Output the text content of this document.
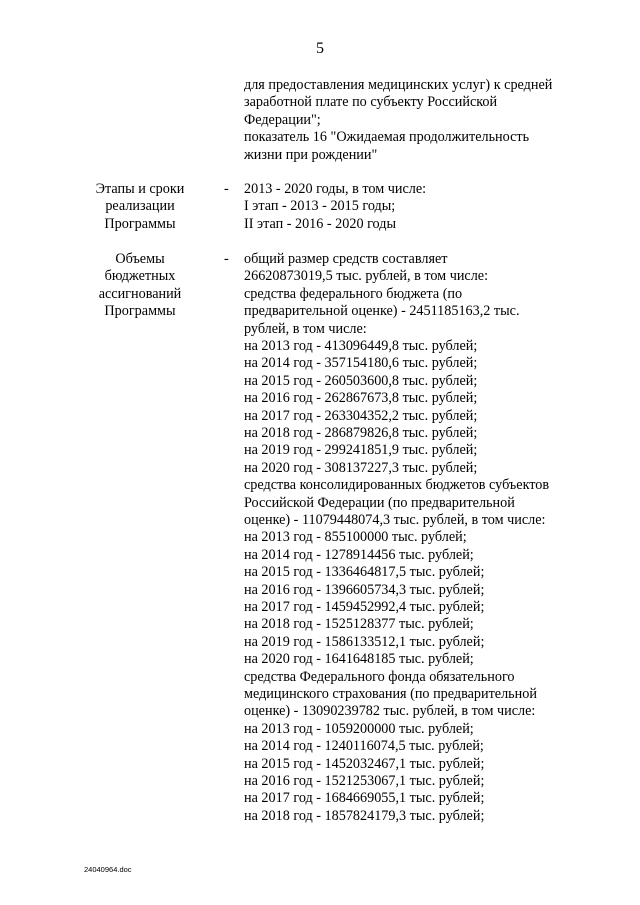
5
для предоставления медицинских услуг) к средней
заработной плате по субъекту Российской
Федерации";
показатель 16 "Ожидаемая продолжительность
жизни при рождении"
Этапы и сроки
реализации
Программы
- 2013 - 2020 годы, в том числе:
I этап - 2013 - 2015 годы;
II этап - 2016 - 2020 годы
Объемы
бюджетных
ассигнований
Программы
- общий размер средств составляет
26620873019,5 тыс. рублей, в том числе:
средства федерального бюджета (по
предварительной оценке) - 2451185163,2 тыс.
рублей, в том числе:
на 2013 год - 413096449,8 тыс. рублей;
на 2014 год - 357154180,6 тыс. рублей;
на 2015 год - 260503600,8 тыс. рублей;
на 2016 год - 262867673,8 тыс. рублей;
на 2017 год - 263304352,2 тыс. рублей;
на 2018 год - 286879826,8 тыс. рублей;
на 2019 год - 299241851,9 тыс. рублей;
на 2020 год - 308137227,3 тыс. рублей;
средства консолидированных бюджетов субъектов
Российской Федерации (по предварительной
оценке) - 11079448074,3 тыс. рублей, в том числе:
на 2013 год - 855100000 тыс. рублей;
на 2014 год - 1278914456 тыс. рублей;
на 2015 год - 1336464817,5 тыс. рублей;
на 2016 год - 1396605734,3 тыс. рублей;
на 2017 год - 1459452992,4 тыс. рублей;
на 2018 год - 1525128377 тыс. рублей;
на 2019 год - 1586133512,1 тыс. рублей;
на 2020 год - 1641648185 тыс. рублей;
средства Федерального фонда обязательного
медицинского страхования (по предварительной
оценке) - 13090239782 тыс. рублей, в том числе:
на 2013 год - 1059200000 тыс. рублей;
на 2014 год - 1240116074,5 тыс. рублей;
на 2015 год - 1452032467,1 тыс. рублей;
на 2016 год - 1521253067,1 тыс. рублей;
на 2017 год - 1684669055,1 тыс. рублей;
на 2018 год - 1857824179,3 тыс. рублей;
24040964.doc
